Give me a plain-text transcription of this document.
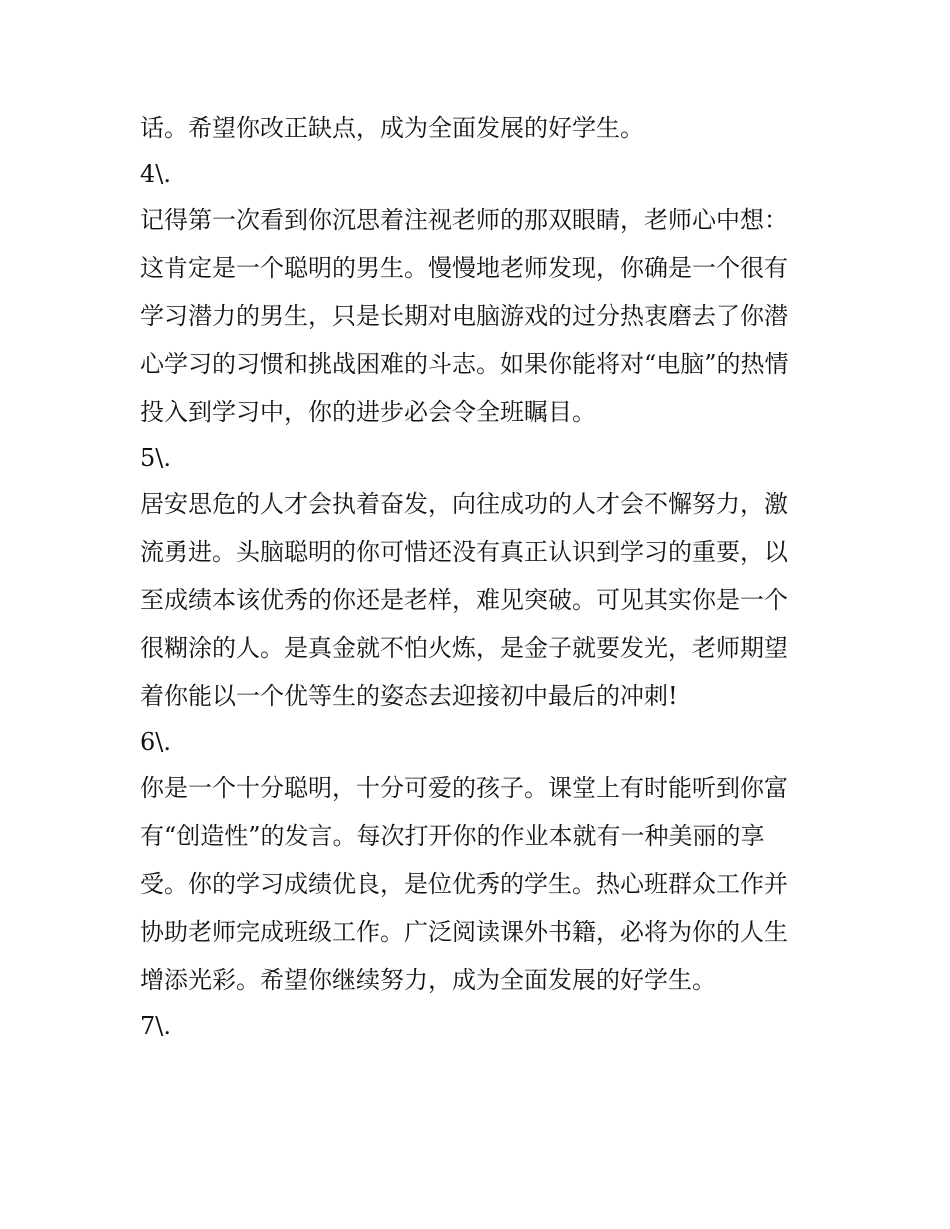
话。希望你改正缺点，成为全面发展的好学生。
4\.
记得第一次看到你沉思着注视老师的那双眼睛，老师心中想：
这肯定是一个聪明的男生。慢慢地老师发现，你确是一个很有
学习潜力的男生，只是长期对电脑游戏的过分热衷磨去了你潜
心学习的习惯和挑战困难的斗志。如果你能将对“电脑”的热情
投入到学习中，你的进步必会令全班瞩目。
5\.
居安思危的人才会执着奋发，向往成功的人才会不懈努力，激
流勇进。头脑聪明的你可惜还没有真正认识到学习的重要，以
至成绩本该优秀的你还是老样，难见突破。可见其实你是一个
很糊涂的人。是真金就不怕火炼，是金子就要发光，老师期望
着你能以一个优等生的姿态去迎接初中最后的冲刺!
6\.
你是一个十分聪明，十分可爱的孩子。课堂上有时能听到你富
有“创造性”的发言。每次打开你的作业本就有一种美丽的享
受。你的学习成绩优良，是位优秀的学生。热心班群众工作并
协助老师完成班级工作。广泛阅读课外书籍，必将为你的人生
增添光彩。希望你继续努力，成为全面发展的好学生。
7\.
